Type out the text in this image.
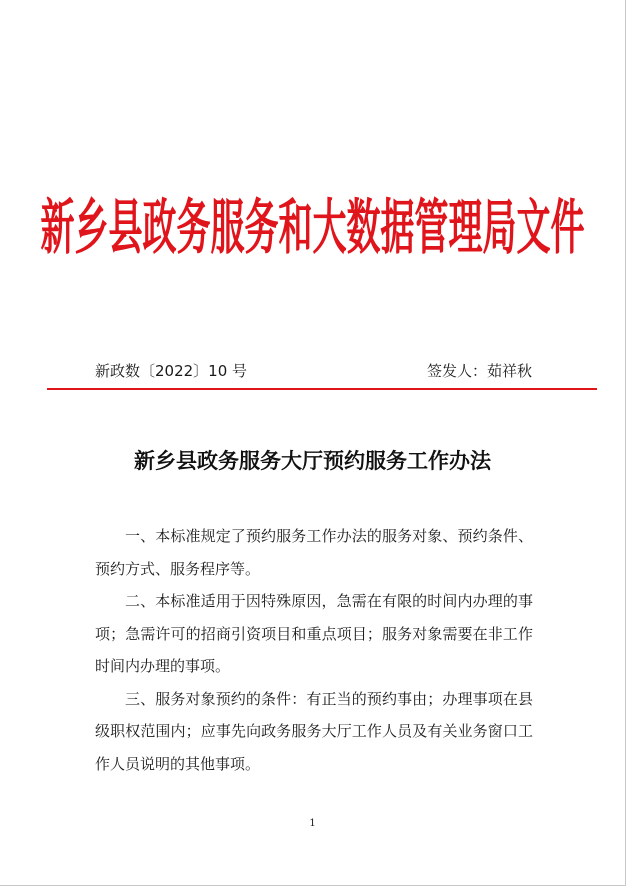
新乡县政务服务和大数据管理局文件
新政数〔2022〕10 号	签发人：茹祥秋
新乡县政务服务大厅预约服务工作办法

一、本标准规定了预约服务工作办法的服务对象、预约条件、预约方式、服务程序等。

二、本标准适用于因特殊原因，急需在有限的时间内办理的事项；急需许可的招商引资项目和重点项目；服务对象需要在非工作时间内办理的事项。

三、服务对象预约的条件：有正当的预约事由；办理事项在县级职权范围内；应事先向政务服务大厅工作人员及有关业务窗口工作人员说明的其他事项。

1
